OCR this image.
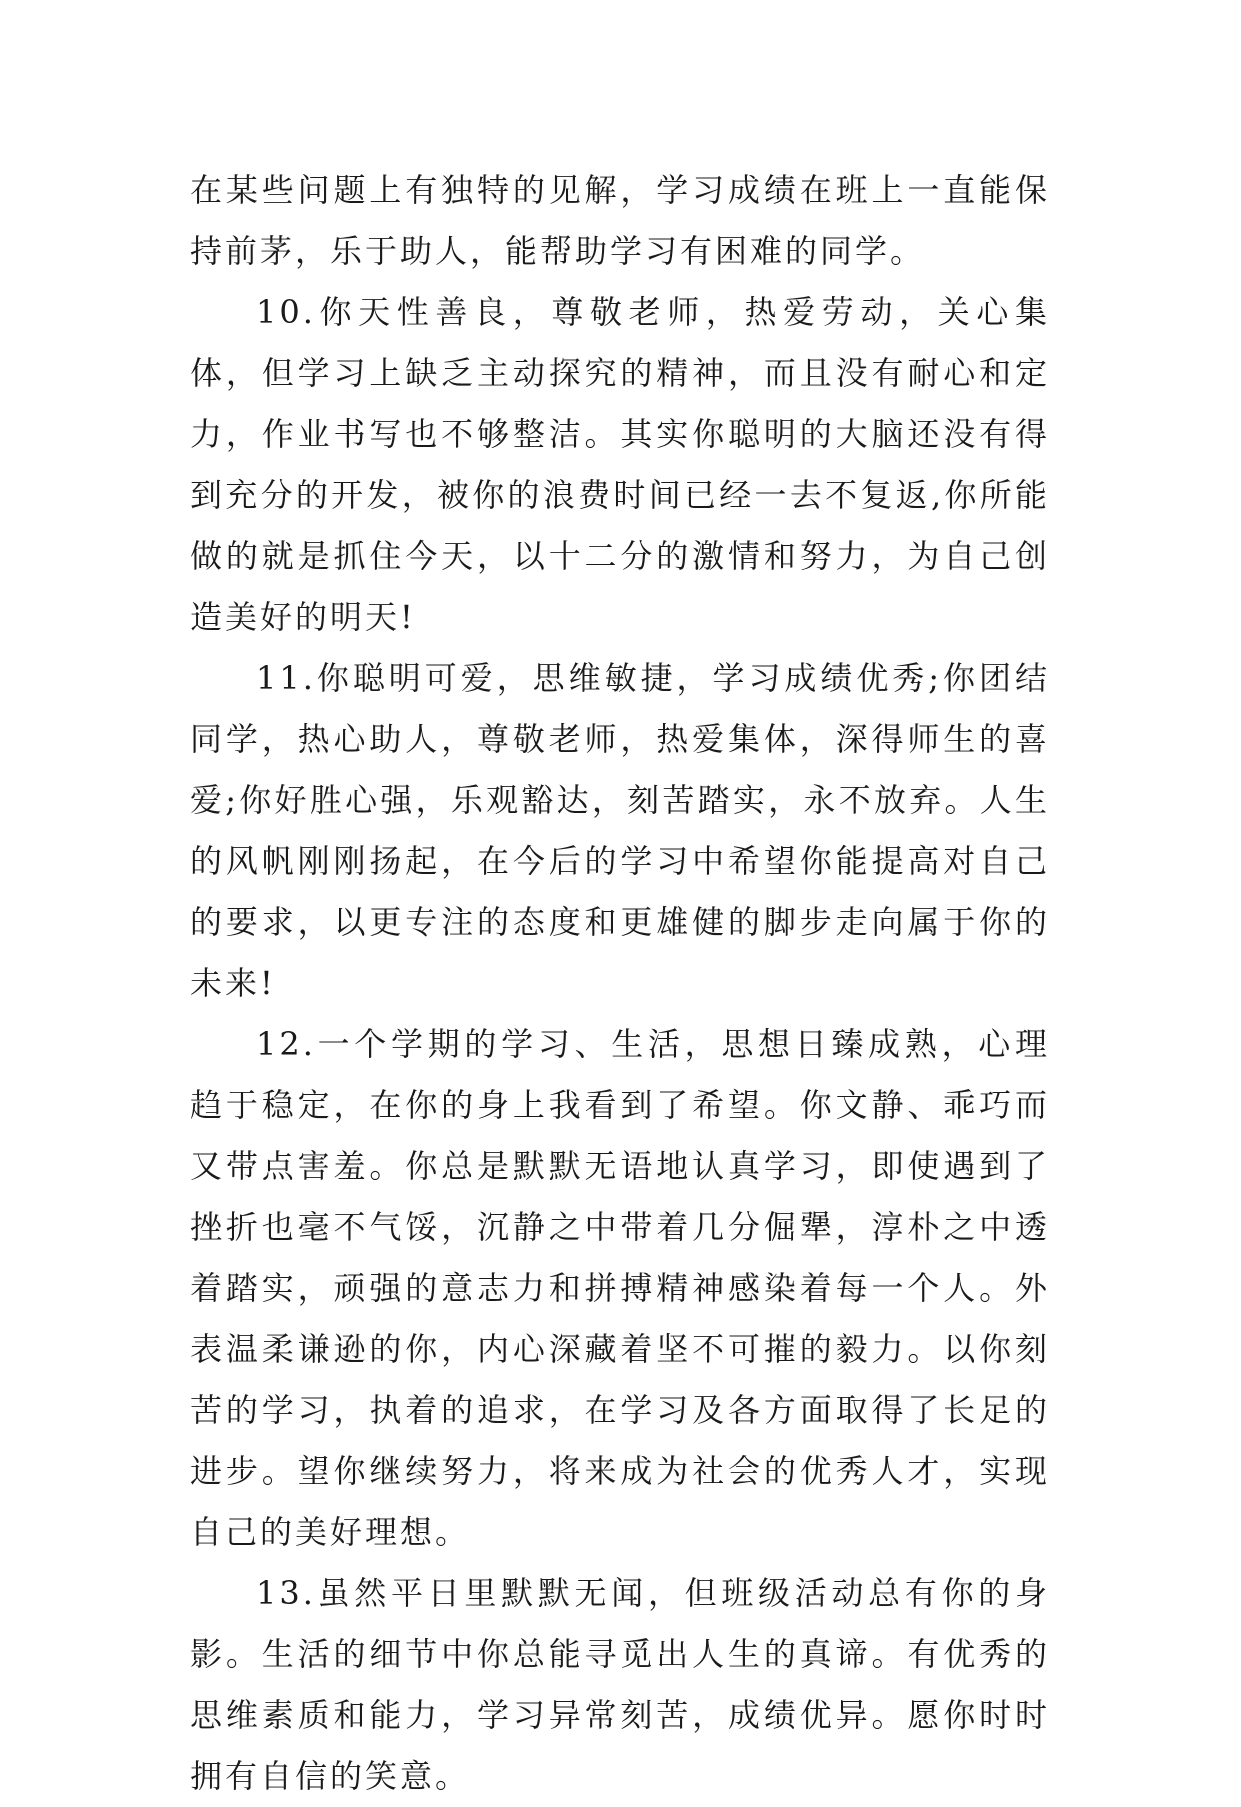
在某些问题上有独特的见解，学习成绩在班上一直能保持前茅，乐于助人，能帮助学习有困难的同学。

10.你天性善良，尊敬老师，热爱劳动，关心集体，但学习上缺乏主动探究的精神，而且没有耐心和定力，作业书写也不够整洁。其实你聪明的大脑还没有得到充分的开发，被你的浪费时间已经一去不复返,你所能做的就是抓住今天，以十二分的激情和努力，为自己创造美好的明天!

11.你聪明可爱，思维敏捷，学习成绩优秀;你团结同学，热心助人，尊敬老师，热爱集体，深得师生的喜爱;你好胜心强，乐观豁达，刻苦踏实，永不放弃。人生的风帆刚刚扬起，在今后的学习中希望你能提高对自己的要求，以更专注的态度和更雄健的脚步走向属于你的未来!

12.一个学期的学习、生活，思想日臻成熟，心理趋于稳定，在你的身上我看到了希望。你文静、乖巧而又带点害羞。你总是默默无语地认真学习，即使遇到了挫折也毫不气馁，沉静之中带着几分倔犟，淳朴之中透着踏实，顽强的意志力和拼搏精神感染着每一个人。外表温柔谦逊的你，内心深藏着坚不可摧的毅力。以你刻苦的学习，执着的追求，在学习及各方面取得了长足的进步。望你继续努力，将来成为社会的优秀人才，实现自己的美好理想。

13.虽然平日里默默无闻，但班级活动总有你的身影。生活的细节中你总能寻觅出人生的真谛。有优秀的思维素质和能力，学习异常刻苦，成绩优异。愿你时时拥有自信的笑意。
